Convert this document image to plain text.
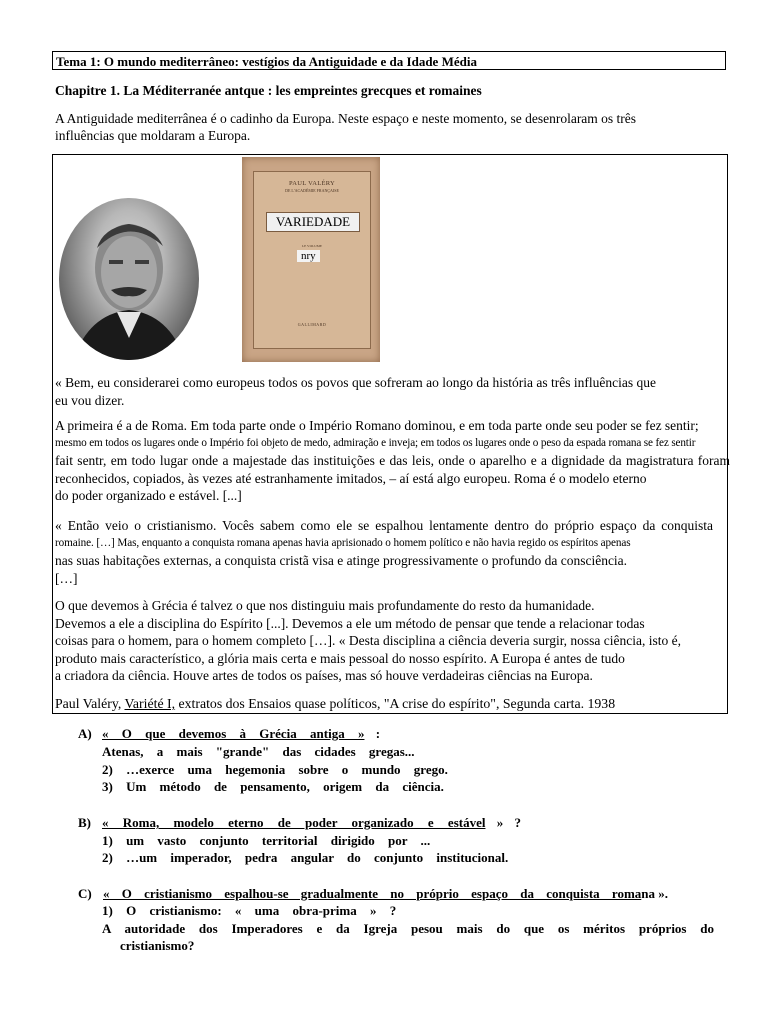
Tema 1: O mundo mediterrâneo: vestígios da Antiguidade e da Idade Média
Chapitre 1. La Méditerranée antque : les empreintes grecques et romaines
A Antiguidade mediterrânea é o cadinho da Europa. Neste espaço e neste momento, se desenrolaram os três
influências que moldaram a Europa.
PAUL VALÉRY
DE L'ACADÉMIE FRANÇAISE
VARIEDADE
LE VOLUME
nry
GALLIMARD
« Bem, eu considerarei como europeus todos os povos que sofreram ao longo da história as três influências que
eu vou dizer.
A primeira é a de Roma. Em toda parte onde o Império Romano dominou, e em toda parte onde seu poder se fez sentir;
mesmo em todos os lugares onde o Império foi objeto de medo, admiração e inveja; em todos os lugares onde o peso da espada romana se fez sentir
fait sentr, em todo lugar onde a majestade das instituições e das leis, onde o aparelho e a dignidade da magistratura foram
reconhecidos, copiados, às vezes até estranhamente imitados, – aí está algo europeu. Roma é o modelo eterno
do poder organizado e estável. [...]
« Então veio o cristianismo. Vocês sabem como ele se espalhou lentamente dentro do próprio espaço da conquista
romaine. […] Mas, enquanto a conquista romana apenas havia aprisionado o homem político e não havia regido os espíritos apenas
nas suas habitações externas, a conquista cristã visa e atinge progressivamente o profundo da consciência.
[…]
O que devemos à Grécia é talvez o que nos distinguiu mais profundamente do resto da humanidade.
Devemos a ele a disciplina do Espírito [...]. Devemos a ele um método de pensar que tende a relacionar todas
coisas para o homem, para o homem completo […]. « Desta disciplina a ciência deveria surgir, nossa ciência, isto é,
produto mais característico, a glória mais certa e mais pessoal do nosso espírito. A Europa é antes de tudo
a criadora da ciência. Houve artes de todos os países, mas só houve verdadeiras ciências na Europa.
Paul Valéry, Variété I, extratos dos Ensaios quase políticos, "A crise do espírito", Segunda carta. 1938
A) « O que devemos à Grécia antiga » :
Atenas, a mais "grande" das cidades gregas...
2) …exerce uma hegemonia sobre o mundo grego.
3) Um método de pensamento, origem da ciência.
B) « Roma, modelo eterno de poder organizado e estável » ?
1) um vasto conjunto territorial dirigido por ...
2) …um imperador, pedra angular do conjunto institucional.
C) « O cristianismo espalhou-se gradualmente no próprio espaço da conquista romana ».
1) O cristianismo: « uma obra-prima » ?
A autoridade dos Imperadores e da Igreja pesou mais do que os méritos próprios do
cristianismo?
